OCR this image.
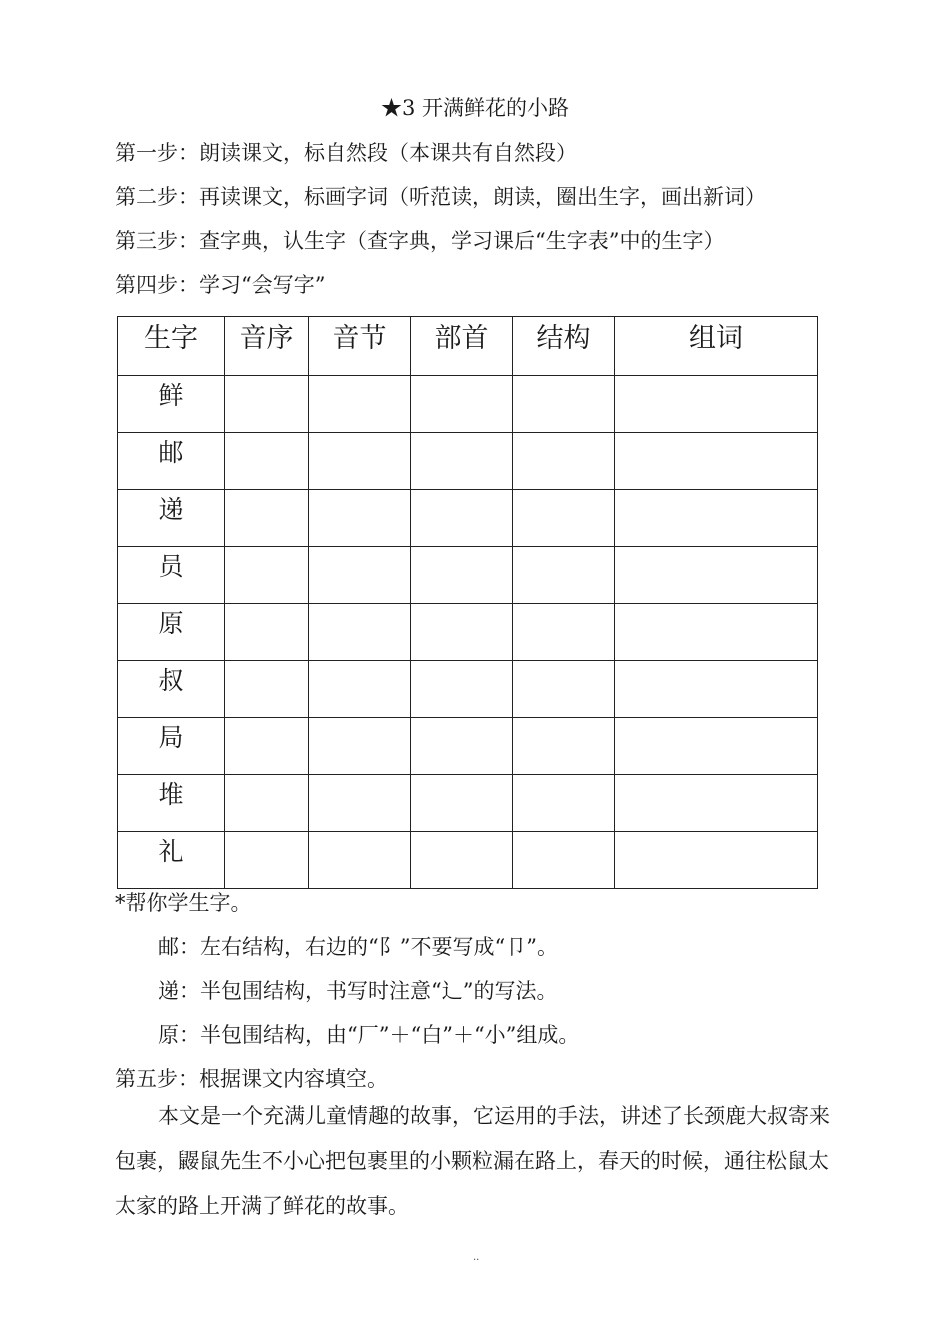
★3 开满鲜花的小路
第一步：朗读课文，标自然段（本课共有自然段）
第二步：再读课文，标画字词（听范读，朗读，圈出生字，画出新词）
第三步：查字典，认生字（查字典，学习课后“生字表”中的生字）
第四步：学习“会写字”
生字	音序	音节	部首	结构	组词
鲜					
邮					
递					
员					
原					
叔					
局					
堆					
礼					
*帮你学生字。
邮：左右结构，右边的“阝”不要写成“卩”。
递：半包围结构，书写时注意“辶”的写法。
原：半包围结构，由“厂”＋“白”＋“小”组成。
第五步：根据课文内容填空。
本文是一个充满儿童情趣的故事，它运用的手法，讲述了长颈鹿大叔寄来包裹，鼹鼠先生不小心把包裹里的小颗粒漏在路上，春天的时候，通往松鼠太太家的路上开满了鲜花的故事。
..
